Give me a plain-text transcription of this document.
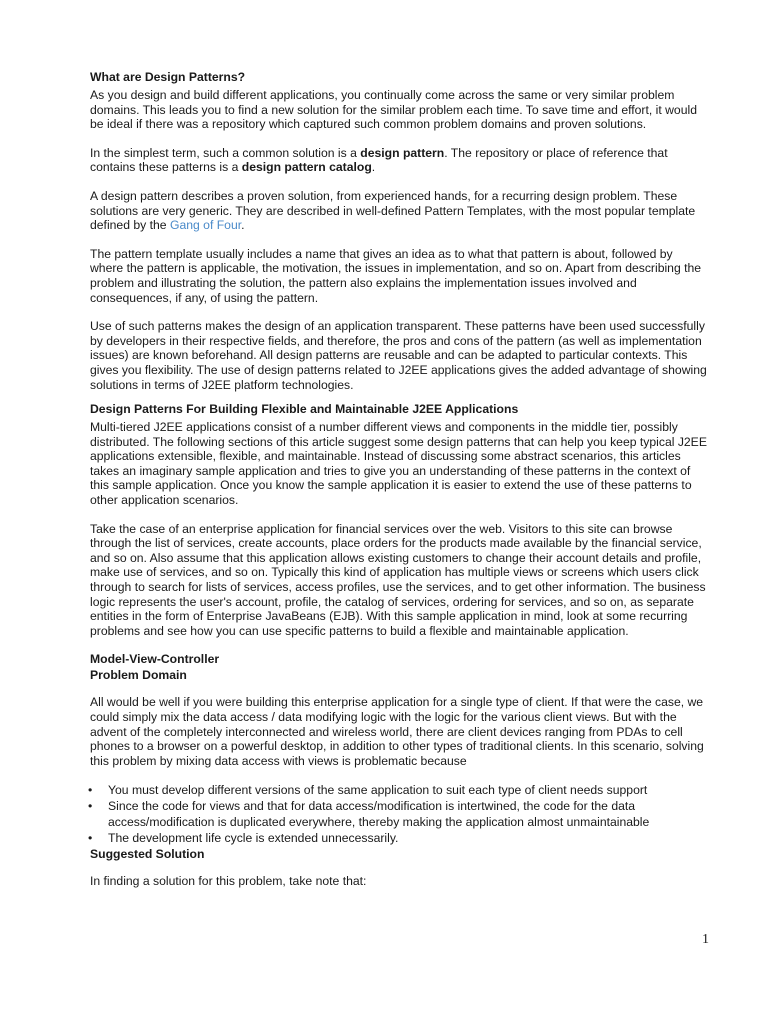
What are Design Patterns?

As you design and build different applications, you continually come across the same or very similar problem domains. This leads you to find a new solution for the similar problem each time. To save time and effort, it would be ideal if there was a repository which captured such common problem domains and proven solutions.

In the simplest term, such a common solution is a design pattern. The repository or place of reference that contains these patterns is a design pattern catalog.

A design pattern describes a proven solution, from experienced hands, for a recurring design problem. These solutions are very generic. They are described in well-defined Pattern Templates, with the most popular template defined by the Gang of Four.

The pattern template usually includes a name that gives an idea as to what that pattern is about, followed by where the pattern is applicable, the motivation, the issues in implementation, and so on. Apart from describing the problem and illustrating the solution, the pattern also explains the implementation issues involved and consequences, if any, of using the pattern.

Use of such patterns makes the design of an application transparent. These patterns have been used successfully by developers in their respective fields, and therefore, the pros and cons of the pattern (as well as implementation issues) are known beforehand. All design patterns are reusable and can be adapted to particular contexts. This gives you flexibility. The use of design patterns related to J2EE applications gives the added advantage of showing solutions in terms of J2EE platform technologies.

Design Patterns For Building Flexible and Maintainable J2EE Applications

Multi-tiered J2EE applications consist of a number different views and components in the middle tier, possibly distributed. The following sections of this article suggest some design patterns that can help you keep typical J2EE applications extensible, flexible, and maintainable. Instead of discussing some abstract scenarios, this articles takes an imaginary sample application and tries to give you an understanding of these patterns in the context of this sample application. Once you know the sample application it is easier to extend the use of these patterns to other application scenarios.

Take the case of an enterprise application for financial services over the web. Visitors to this site can browse through the list of services, create accounts, place orders for the products made available by the financial service, and so on. Also assume that this application allows existing customers to change their account details and profile, make use of services, and so on. Typically this kind of application has multiple views or screens which users click through to search for lists of services, access profiles, use the services, and to get other information. The business logic represents the user's account, profile, the catalog of services, ordering for services, and so on, as separate entities in the form of Enterprise JavaBeans (EJB). With this sample application in mind, look at some recurring problems and see how you can use specific patterns to build a flexible and maintainable application.

Model-View-Controller
Problem Domain

All would be well if you were building this enterprise application for a single type of client. If that were the case, we could simply mix the data access / data modifying logic with the logic for the various client views. But with the advent of the completely interconnected and wireless world, there are client devices ranging from PDAs to cell phones to a browser on a powerful desktop, in addition to other types of traditional clients. In this scenario, solving this problem by mixing data access with views is problematic because

• You must develop different versions of the same application to suit each type of client needs support
• Since the code for views and that for data access/modification is intertwined, the code for the data access/modification is duplicated everywhere, thereby making the application almost unmaintainable
• The development life cycle is extended unnecessarily.
Suggested Solution

In finding a solution for this problem, take note that:

1
